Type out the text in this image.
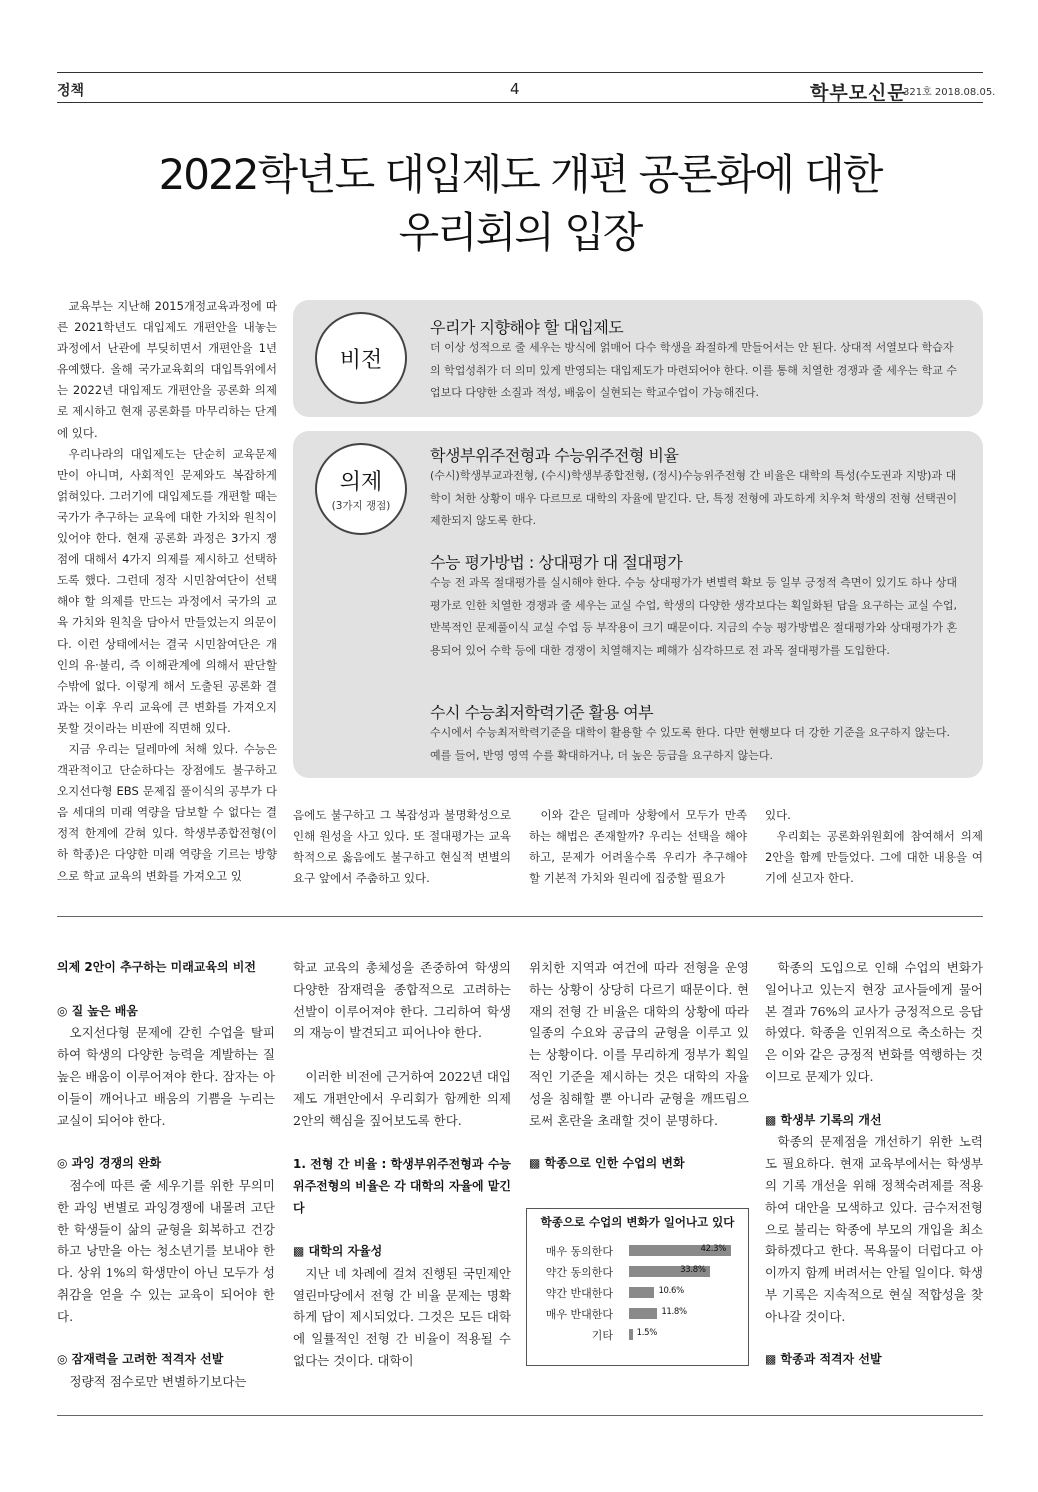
정책	4	학부모신문
321호 2018.08.05.
2022학년도 대입제도 개편 공론화에 대한
우리회의 입장

교육부는 지난해 2015개정교육과정에 따른 2021학년도 대입제도 개편안을 내놓는 과정에서 난관에 부딪히면서 개편안을 1년 유예했다. 올해 국가교육회의 대입특위에서는 2022년 대입제도 개편안을 공론화 의제로 제시하고 현재 공론화를 마무리하는 단계에 있다.

우리나라의 대입제도는 단순히 교육문제만이 아니며, 사회적인 문제와도 복잡하게 얽혀있다. 그러기에 대입제도를 개편할 때는 국가가 추구하는 교육에 대한 가치와 원칙이 있어야 한다. 현재 공론화 과정은 3가지 쟁점에 대해서 4가지 의제를 제시하고 선택하도록 했다. 그런데 정작 시민참여단이 선택해야 할 의제를 만드는 과정에서 국가의 교육 가치와 원칙을 담아서 만들었는지 의문이다. 이런 상태에서는 결국 시민참여단은 개인의 유·불리, 즉 이해관계에 의해서 판단할 수밖에 없다. 이렇게 해서 도출된 공론화 결과는 이후 우리 교육에 큰 변화를 가져오지 못할 것이라는 비판에 직면해 있다.

지금 우리는 딜레마에 처해 있다. 수능은 객관적이고 단순하다는 장점에도 불구하고 오지선다형 EBS 문제집 풀이식의 공부가 다음 세대의 미래 역량을 담보할 수 없다는 결정적 한계에 갇혀 있다. 학생부종합전형(이하 학종)은 다양한 미래 역량을 기르는 방향으로 학교 교육의 변화를 가져오고 있

비전
우리가 지향해야 할 대입제도
더 이상 성적으로 줄 세우는 방식에 얽매어 다수 학생을 좌절하게 만들어서는 안 된다. 상대적 서열보다 학습자의 학업성취가 더 의미 있게 반영되는 대입제도가 마련되어야 한다. 이를 통해 치열한 경쟁과 줄 세우는 학교 수업보다 다양한 소질과 적성, 배움이 실현되는 학교수업이 가능해진다.
의제
(3가지 쟁점)
학생부위주전형과 수능위주전형 비율
(수시)학생부교과전형, (수시)학생부종합전형, (정시)수능위주전형 간 비율은 대학의 특성(수도권과 지방)과 대학이 처한 상황이 매우 다르므로 대학의 자율에 맡긴다. 단, 특정 전형에 과도하게 치우쳐 학생의 전형 선택권이 제한되지 않도록 한다.
수능 평가방법 : 상대평가 대 절대평가
수능 전 과목 절대평가를 실시해야 한다. 수능 상대평가가 변별력 확보 등 일부 긍정적 측면이 있기도 하나 상대평가로 인한 치열한 경쟁과 줄 세우는 교실 수업, 학생의 다양한 생각보다는 획일화된 답을 요구하는 교실 수업, 반복적인 문제풀이식 교실 수업 등 부작용이 크기 때문이다. 지금의 수능 평가방법은 절대평가와 상대평가가 혼용되어 있어 수학 등에 대한 경쟁이 치열해지는 폐해가 심각하므로 전 과목 절대평가를 도입한다.
수시 수능최저학력기준 활용 여부
수시에서 수능최저학력기준을 대학이 활용할 수 있도록 한다. 다만 현행보다 더 강한 기준을 요구하지 않는다. 예를 들어, 반영 영역 수를 확대하거나, 더 높은 등급을 요구하지 않는다.

음에도 불구하고 그 복잡성과 불명확성으로 인해 원성을 사고 있다. 또 절대평가는 교육학적으로 옳음에도 불구하고 현실적 변별의 요구 앞에서 주춤하고 있다.

이와 같은 딜레마 상황에서 모두가 만족하는 해법은 존재할까? 우리는 선택을 해야 하고, 문제가 어려울수록 우리가 추구해야 할 기본적 가치와 원리에 집중할 필요가

있다.

우리회는 공론화위원회에 참여해서 의제 2안을 함께 만들었다. 그에 대한 내용을 여기에 싣고자 한다.

의제 2안이 추구하는 미래교육의 비전

◎ 질 높은 배움

오지선다형 문제에 갇힌 수업을 탈피하여 학생의 다양한 능력을 계발하는 질 높은 배움이 이루어져야 한다. 잠자는 아이들이 깨어나고 배움의 기쁨을 누리는 교실이 되어야 한다.

◎ 과잉 경쟁의 완화

점수에 따른 줄 세우기를 위한 무의미한 과잉 변별로 과잉경쟁에 내몰려 고단한 학생들이 삶의 균형을 회복하고 건강하고 낭만을 아는 청소년기를 보내야 한다. 상위 1%의 학생만이 아닌 모두가 성취감을 얻을 수 있는 교육이 되어야 한다.

◎ 잠재력을 고려한 적격자 선발

정량적 점수로만 변별하기보다는

학교 교육의 총체성을 존중하여 학생의 다양한 잠재력을 종합적으로 고려하는 선발이 이루어져야 한다. 그리하여 학생의 재능이 발견되고 피어나야 한다.

이러한 비전에 근거하여 2022년 대입제도 개편안에서 우리회가 함께한 의제 2안의 핵심을 짚어보도록 한다.

1. 전형 간 비율 : 학생부위주전형과 수능위주전형의 비율은 각 대학의 자율에 맡긴다

▩ 대학의 자율성

지난 네 차례에 걸쳐 진행된 국민제안 열린마당에서 전형 간 비율 문제는 명확하게 답이 제시되었다. 그것은 모든 대학에 일률적인 전형 간 비율이 적용될 수 없다는 것이다. 대학이

위치한 지역과 여건에 따라 전형을 운영하는 상황이 상당히 다르기 때문이다. 현재의 전형 간 비율은 대학의 상황에 따라 일종의 수요와 공급의 균형을 이루고 있는 상황이다. 이를 무리하게 정부가 획일적인 기준을 제시하는 것은 대학의 자율성을 침해할 뿐 아니라 균형을 깨뜨림으로써 혼란을 초래할 것이 분명하다.

▩ 학종으로 인한 수업의 변화

학종으로 수업의 변화가 일어나고 있다
매우 동의한다	42.3%
약간 동의한다	33.8%
약간 반대한다	10.6%
매우 반대한다	11.8%
기타	1.5%

학종의 도입으로 인해 수업의 변화가 일어나고 있는지 현장 교사들에게 물어본 결과 76%의 교사가 긍정적으로 응답하였다. 학종을 인위적으로 축소하는 것은 이와 같은 긍정적 변화를 역행하는 것이므로 문제가 있다.

▩ 학생부 기록의 개선

학종의 문제점을 개선하기 위한 노력도 필요하다. 현재 교육부에서는 학생부의 기록 개선을 위해 정책숙려제를 적용하여 대안을 모색하고 있다. 금수저전형으로 불리는 학종에 부모의 개입을 최소화하겠다고 한다. 목욕물이 더럽다고 아이까지 함께 버려서는 안될 일이다. 학생부 기록은 지속적으로 현실 적합성을 찾아나갈 것이다.

▩ 학종과 적격자 선발
